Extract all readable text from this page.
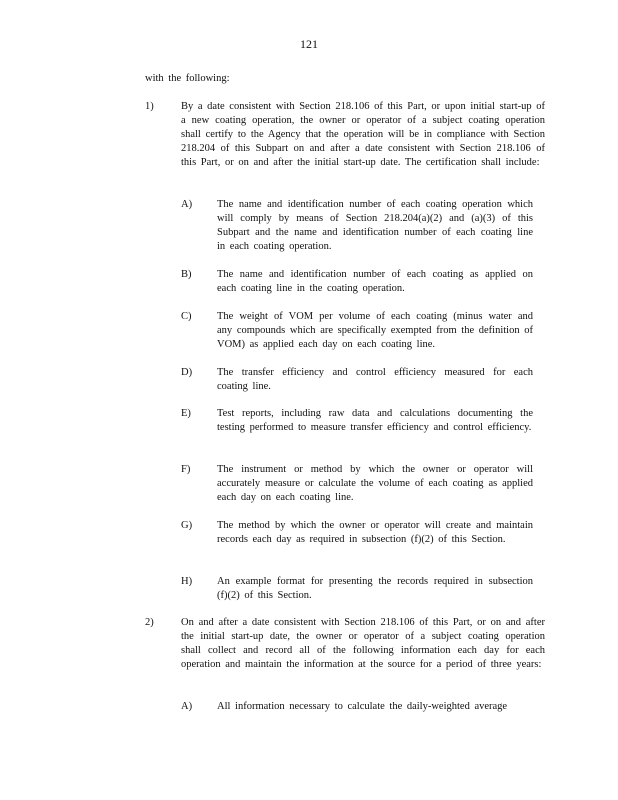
121
with the following:
1)	By a date consistent with Section 218.106 of this Part, or upon initial start-up of a new coating operation, the owner or operator of a subject coating operation shall certify to the Agency that the operation will be in compliance with Section 218.204 of this Subpart on and after a date consistent with Section 218.106 of this Part, or on and after the initial start-up date. The certification shall include:
A) The name and identification number of each coating operation which will comply by means of Section 218.204(a)(2) and (a)(3) of this Subpart and the name and identification number of each coating line in each coating operation.
B) The name and identification number of each coating as applied on each coating line in the coating operation.
C) The weight of VOM per volume of each coating (minus water and any compounds which are specifically exempted from the definition of VOM) as applied each day on each coating line.
D) The transfer efficiency and control efficiency measured for each coating line.
E) Test reports, including raw data and calculations documenting the testing performed to measure transfer efficiency and control efficiency.
F)	The instrument or method by which the owner or operator will accurately measure or calculate the volume of each coating as applied each day on each coating line.
G) The method by which the owner or operator will create and maintain records each day as required in subsection (f)(2) of this Section.
H) An example format for presenting the records required in subsection (f)(2) of this Section.
2)	On and after a date consistent with Section 218.106 of this Part, or on and after the initial start-up date, the owner or operator of a subject coating operation shall collect and record all of the following information each day for each operation and maintain the information at the source for a period of three years:
A) All information necessary to calculate the daily-weighted average
